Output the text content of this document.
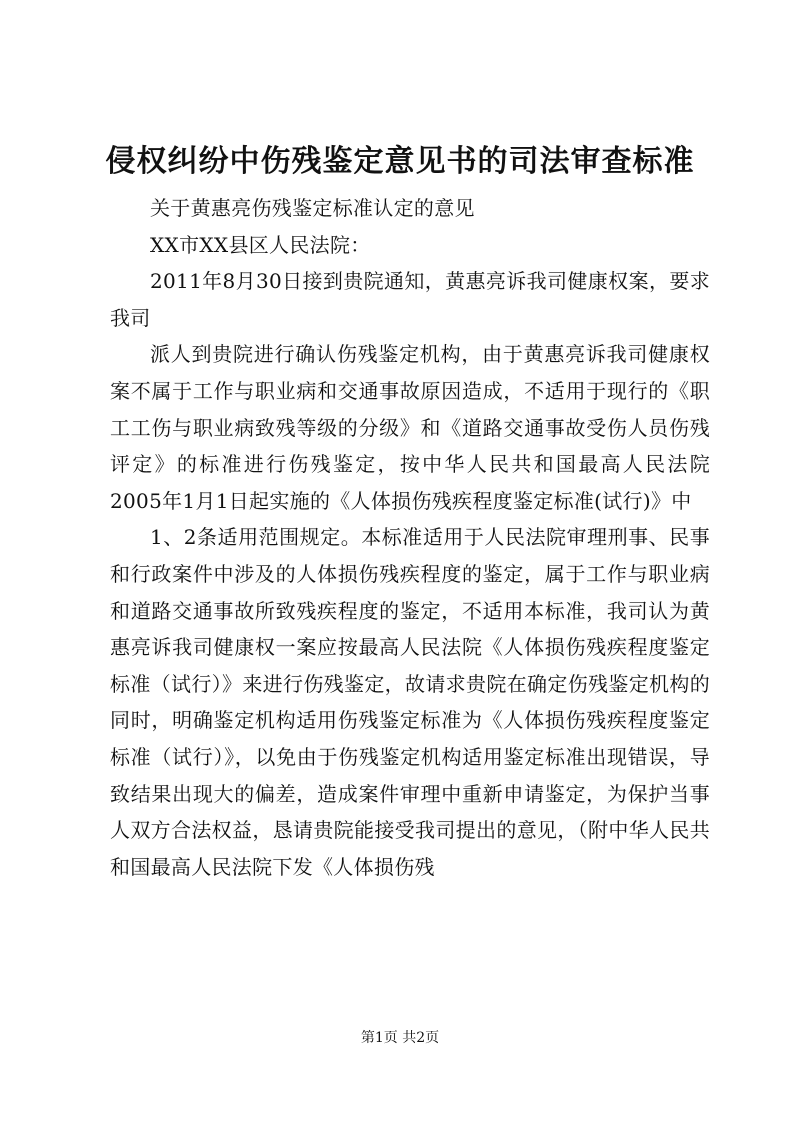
侵权纠纷中伤残鉴定意见书的司法审查标准

关于黄惠亮伤残鉴定标准认定的意见

XX市XX县区人民法院：

2011年8月30日接到贵院通知，黄惠亮诉我司健康权案，要求我司

派人到贵院进行确认伤残鉴定机构，由于黄惠亮诉我司健康权案不属于工作与职业病和交通事故原因造成，不适用于现行的《职工工伤与职业病致残等级的分级》和《道路交通事故受伤人员伤残评定》的标准进行伤残鉴定，按中华人民共和国最高人民法院2005年1月1日起实施的《人体损伤残疾程度鉴定标准(试行)》中

1、2条适用范围规定。本标准适用于人民法院审理刑事、民事和行政案件中涉及的人体损伤残疾程度的鉴定，属于工作与职业病和道路交通事故所致残疾程度的鉴定，不适用本标准，我司认为黄惠亮诉我司健康权一案应按最高人民法院《人体损伤残疾程度鉴定标准（试行）》来进行伤残鉴定，故请求贵院在确定伤残鉴定机构的同时，明确鉴定机构适用伤残鉴定标准为《人体损伤残疾程度鉴定标准（试行）》，以免由于伤残鉴定机构适用鉴定标准出现错误，导致结果出现大的偏差，造成案件审理中重新申请鉴定，为保护当事人双方合法权益，恳请贵院能接受我司提出的意见，（附中华人民共和国最高人民法院下发《人体损伤残

第1页 共2页
